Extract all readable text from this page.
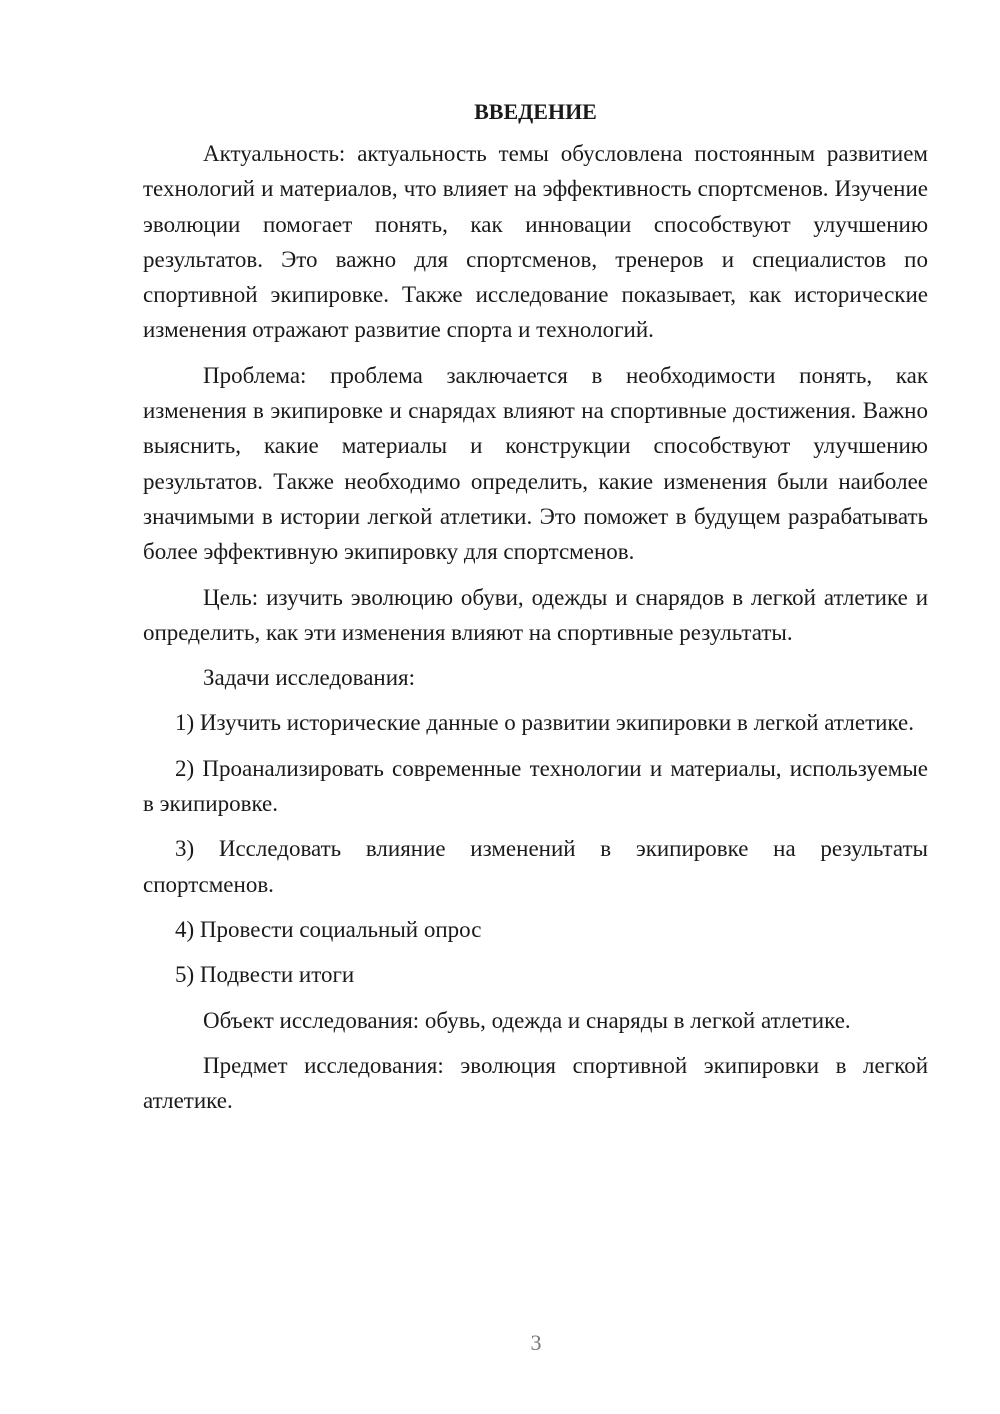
ВВЕДЕНИЕ

Актуальность: актуальность темы обусловлена постоянным развитием технологий и материалов, что влияет на эффективность спортсменов. Изучение эволюции помогает понять, как инновации способствуют улучшению результатов. Это важно для спортсменов, тренеров и специалистов по спортивной экипировке. Также исследование показывает, как исторические изменения отражают развитие спорта и технологий.

Проблема: проблема заключается в необходимости понять, как изменения в экипировке и снарядах влияют на спортивные достижения. Важно выяснить, какие материалы и конструкции способствуют улучшению результатов. Также необходимо определить, какие изменения были наиболее значимыми в истории легкой атлетики. Это поможет в будущем разрабатывать более эффективную экипировку для спортсменов.

Цель: изучить эволюцию обуви, одежды и снарядов в легкой атлетике и определить, как эти изменения влияют на спортивные результаты.

Задачи исследования:

1) Изучить исторические данные о развитии экипировки в легкой атлетике.

2) Проанализировать современные технологии и материалы, используемые в экипировке.

3) Исследовать влияние изменений в экипировке на результаты спортсменов.

4) Провести социальный опрос

5) Подвести итоги

Объект исследования: обувь, одежда и снаряды в легкой атлетике.

Предмет исследования: эволюция спортивной экипировки в легкой атлетике.

3
